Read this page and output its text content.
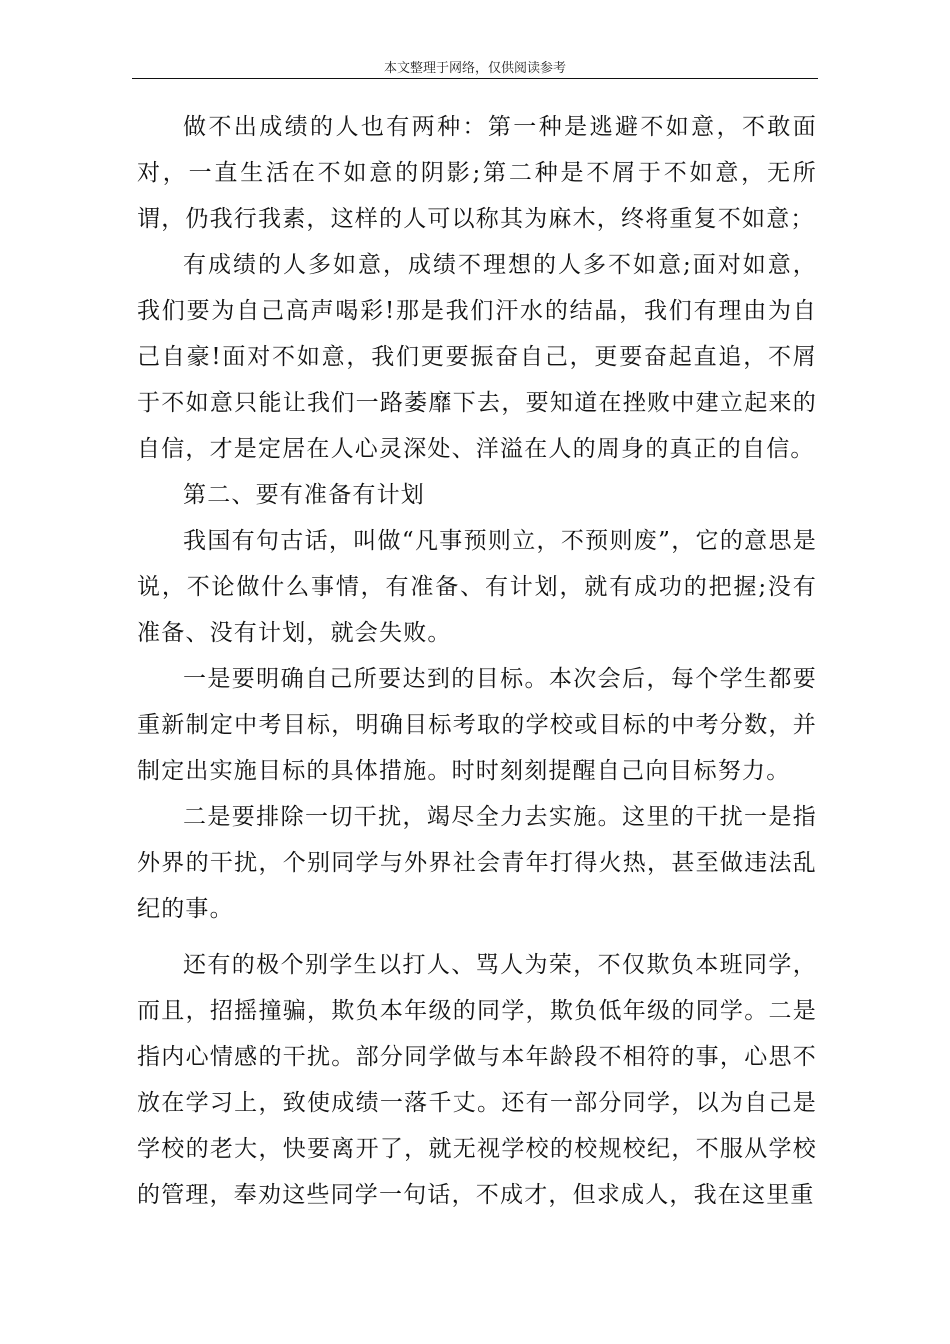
本文整理于网络，仅供阅读参考

做不出成绩的人也有两种：第一种是逃避不如意，不敢面对，一直生活在不如意的阴影;第二种是不屑于不如意，无所谓，仍我行我素，这样的人可以称其为麻木，终将重复不如意；

有成绩的人多如意，成绩不理想的人多不如意;面对如意，我们要为自己高声喝彩!那是我们汗水的结晶，我们有理由为自己自豪!面对不如意，我们更要振奋自己，更要奋起直追，不屑于不如意只能让我们一路萎靡下去，要知道在挫败中建立起来的自信，才是定居在人心灵深处、洋溢在人的周身的真正的自信。

第二、要有准备有计划

我国有句古话，叫做“凡事预则立，不预则废”，它的意思是说，不论做什么事情，有准备、有计划，就有成功的把握;没有准备、没有计划，就会失败。

一是要明确自己所要达到的目标。本次会后，每个学生都要重新制定中考目标，明确目标考取的学校或目标的中考分数，并制定出实施目标的具体措施。时时刻刻提醒自己向目标努力。

二是要排除一切干扰，竭尽全力去实施。这里的干扰一是指外界的干扰，个别同学与外界社会青年打得火热，甚至做违法乱纪的事。

还有的极个别学生以打人、骂人为荣，不仅欺负本班同学，而且，招摇撞骗，欺负本年级的同学，欺负低年级的同学。二是指内心情感的干扰。部分同学做与本年龄段不相符的事，心思不放在学习上，致使成绩一落千丈。还有一部分同学，以为自己是学校的老大，快要离开了，就无视学校的校规校纪，不服从学校的管理，奉劝这些同学一句话，不成才，但求成人，我在这里重
